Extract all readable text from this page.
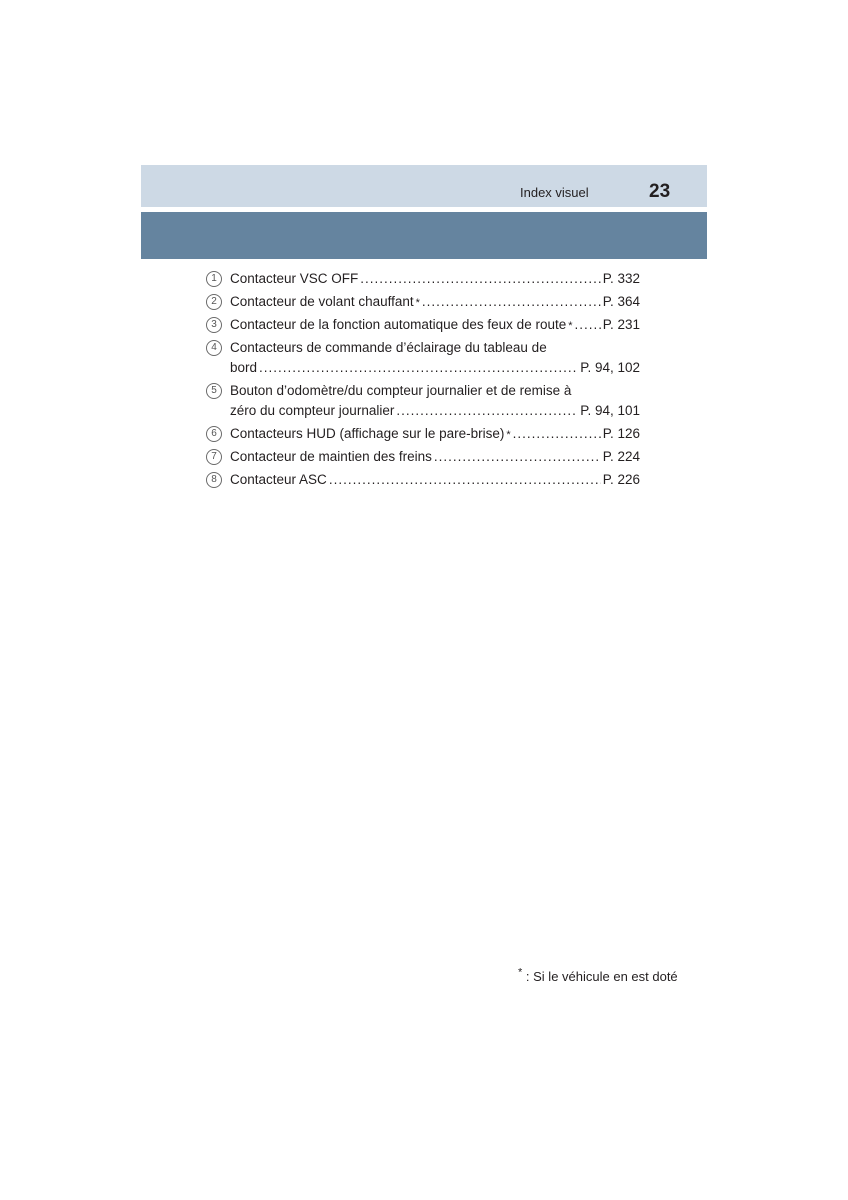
Index visuel	23
1 Contacteur VSC OFF .....	P. 332
2 Contacteur de volant chauffant * .....	P. 364
3 Contacteur de la fonction automatique des feux de route * ..... P. 231
4 Contacteurs de commande d’éclairage du tableau de
bord .....	P. 94, 102
5 Bouton d’odomètre/du compteur journalier et de remise à
zéro du compteur journalier .....	P. 94, 101
6 Contacteurs HUD (affichage sur le pare-brise) * .....	P. 126
7 Contacteur de maintien des freins .....	P. 224
8 Contacteur ASC .....	P. 226
* : Si le véhicule en est doté
